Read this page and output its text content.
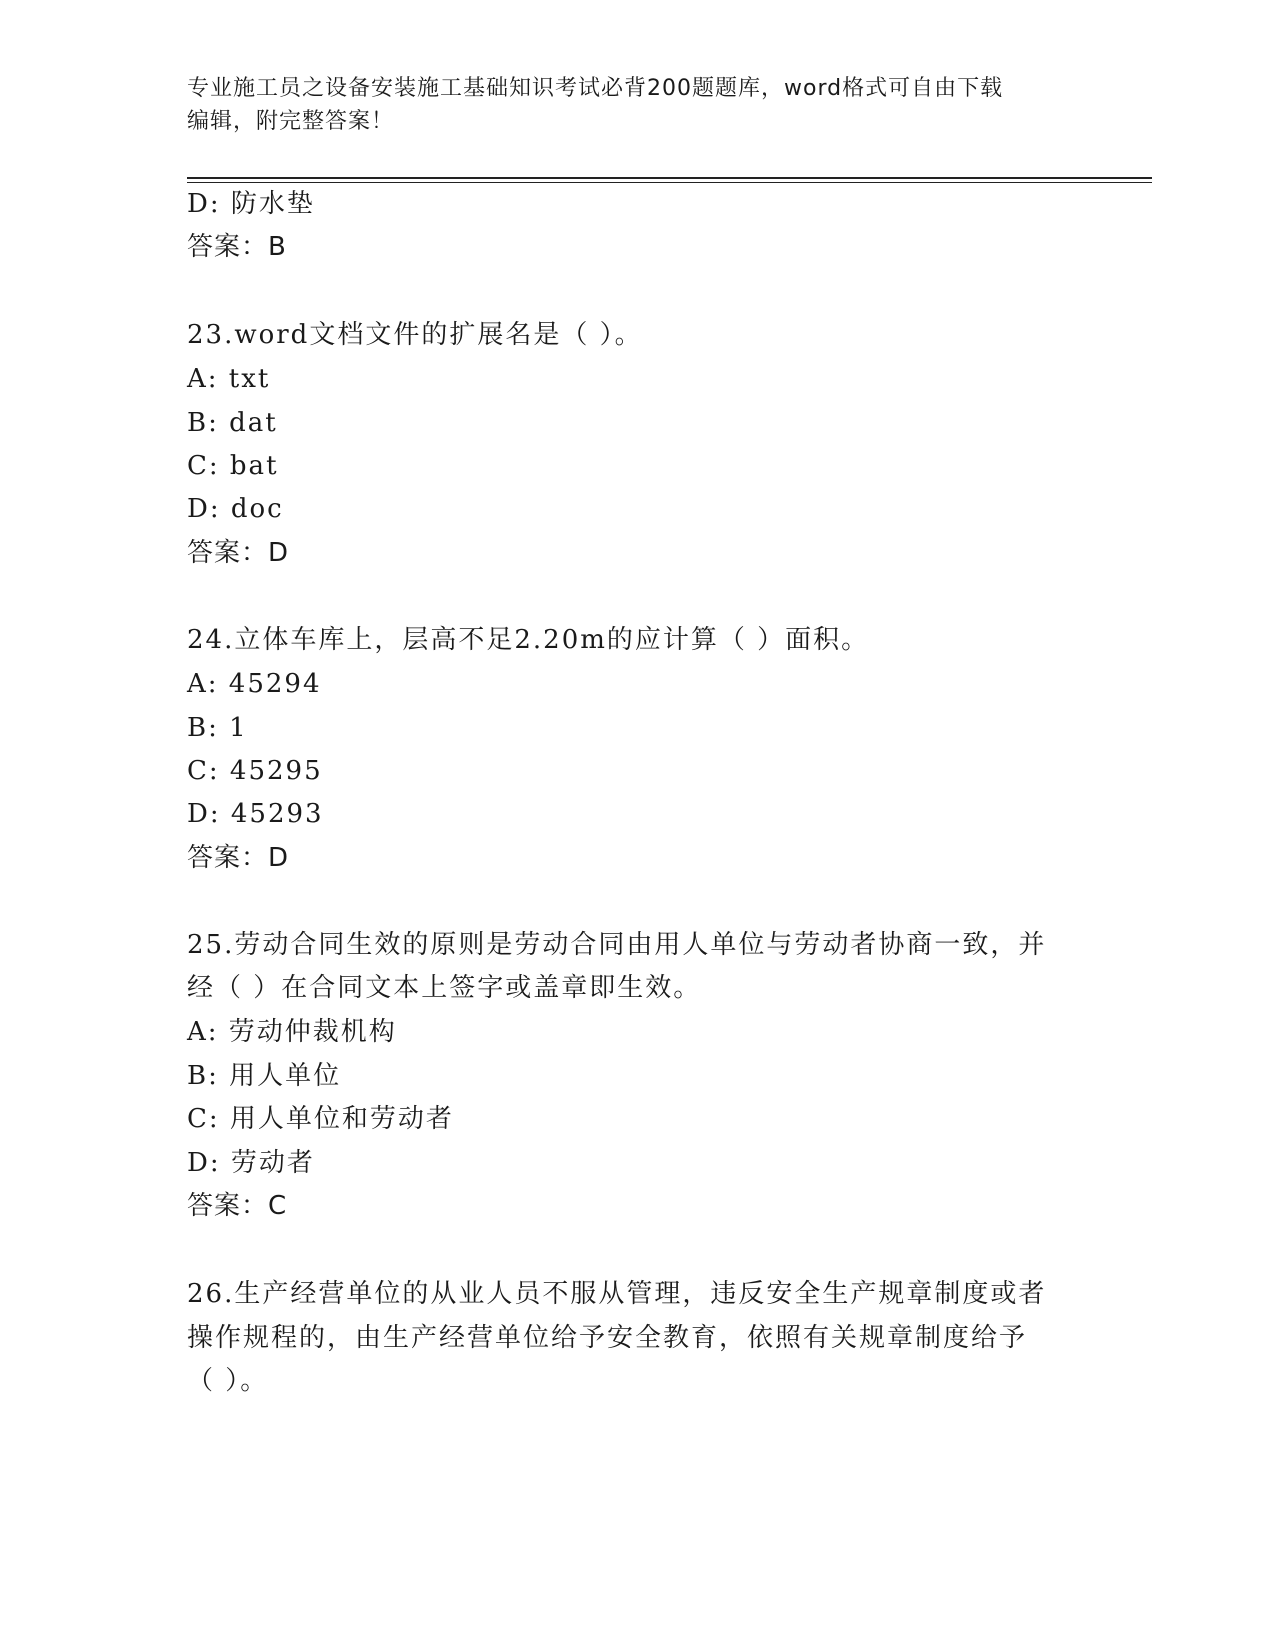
专业施工员之设备安装施工基础知识考试必背200题题库，word格式可自由下载
编辑，附完整答案！
D: 防水垫
答案：B
23.word文档文件的扩展名是（ ）。
A: txt
B: dat
C: bat
D: doc
答案：D
24.立体车库上，层高不足2.20m的应计算（ ）面积。
A: 45294
B: 1
C: 45295
D: 45293
答案：D
25.劳动合同生效的原则是劳动合同由用人单位与劳动者协商一致，并
经（ ）在合同文本上签字或盖章即生效。
A: 劳动仲裁机构
B: 用人单位
C: 用人单位和劳动者
D: 劳动者
答案：C
26.生产经营单位的从业人员不服从管理，违反安全生产规章制度或者
操作规程的，由生产经营单位给予安全教育，依照有关规章制度给予
（ ）。
